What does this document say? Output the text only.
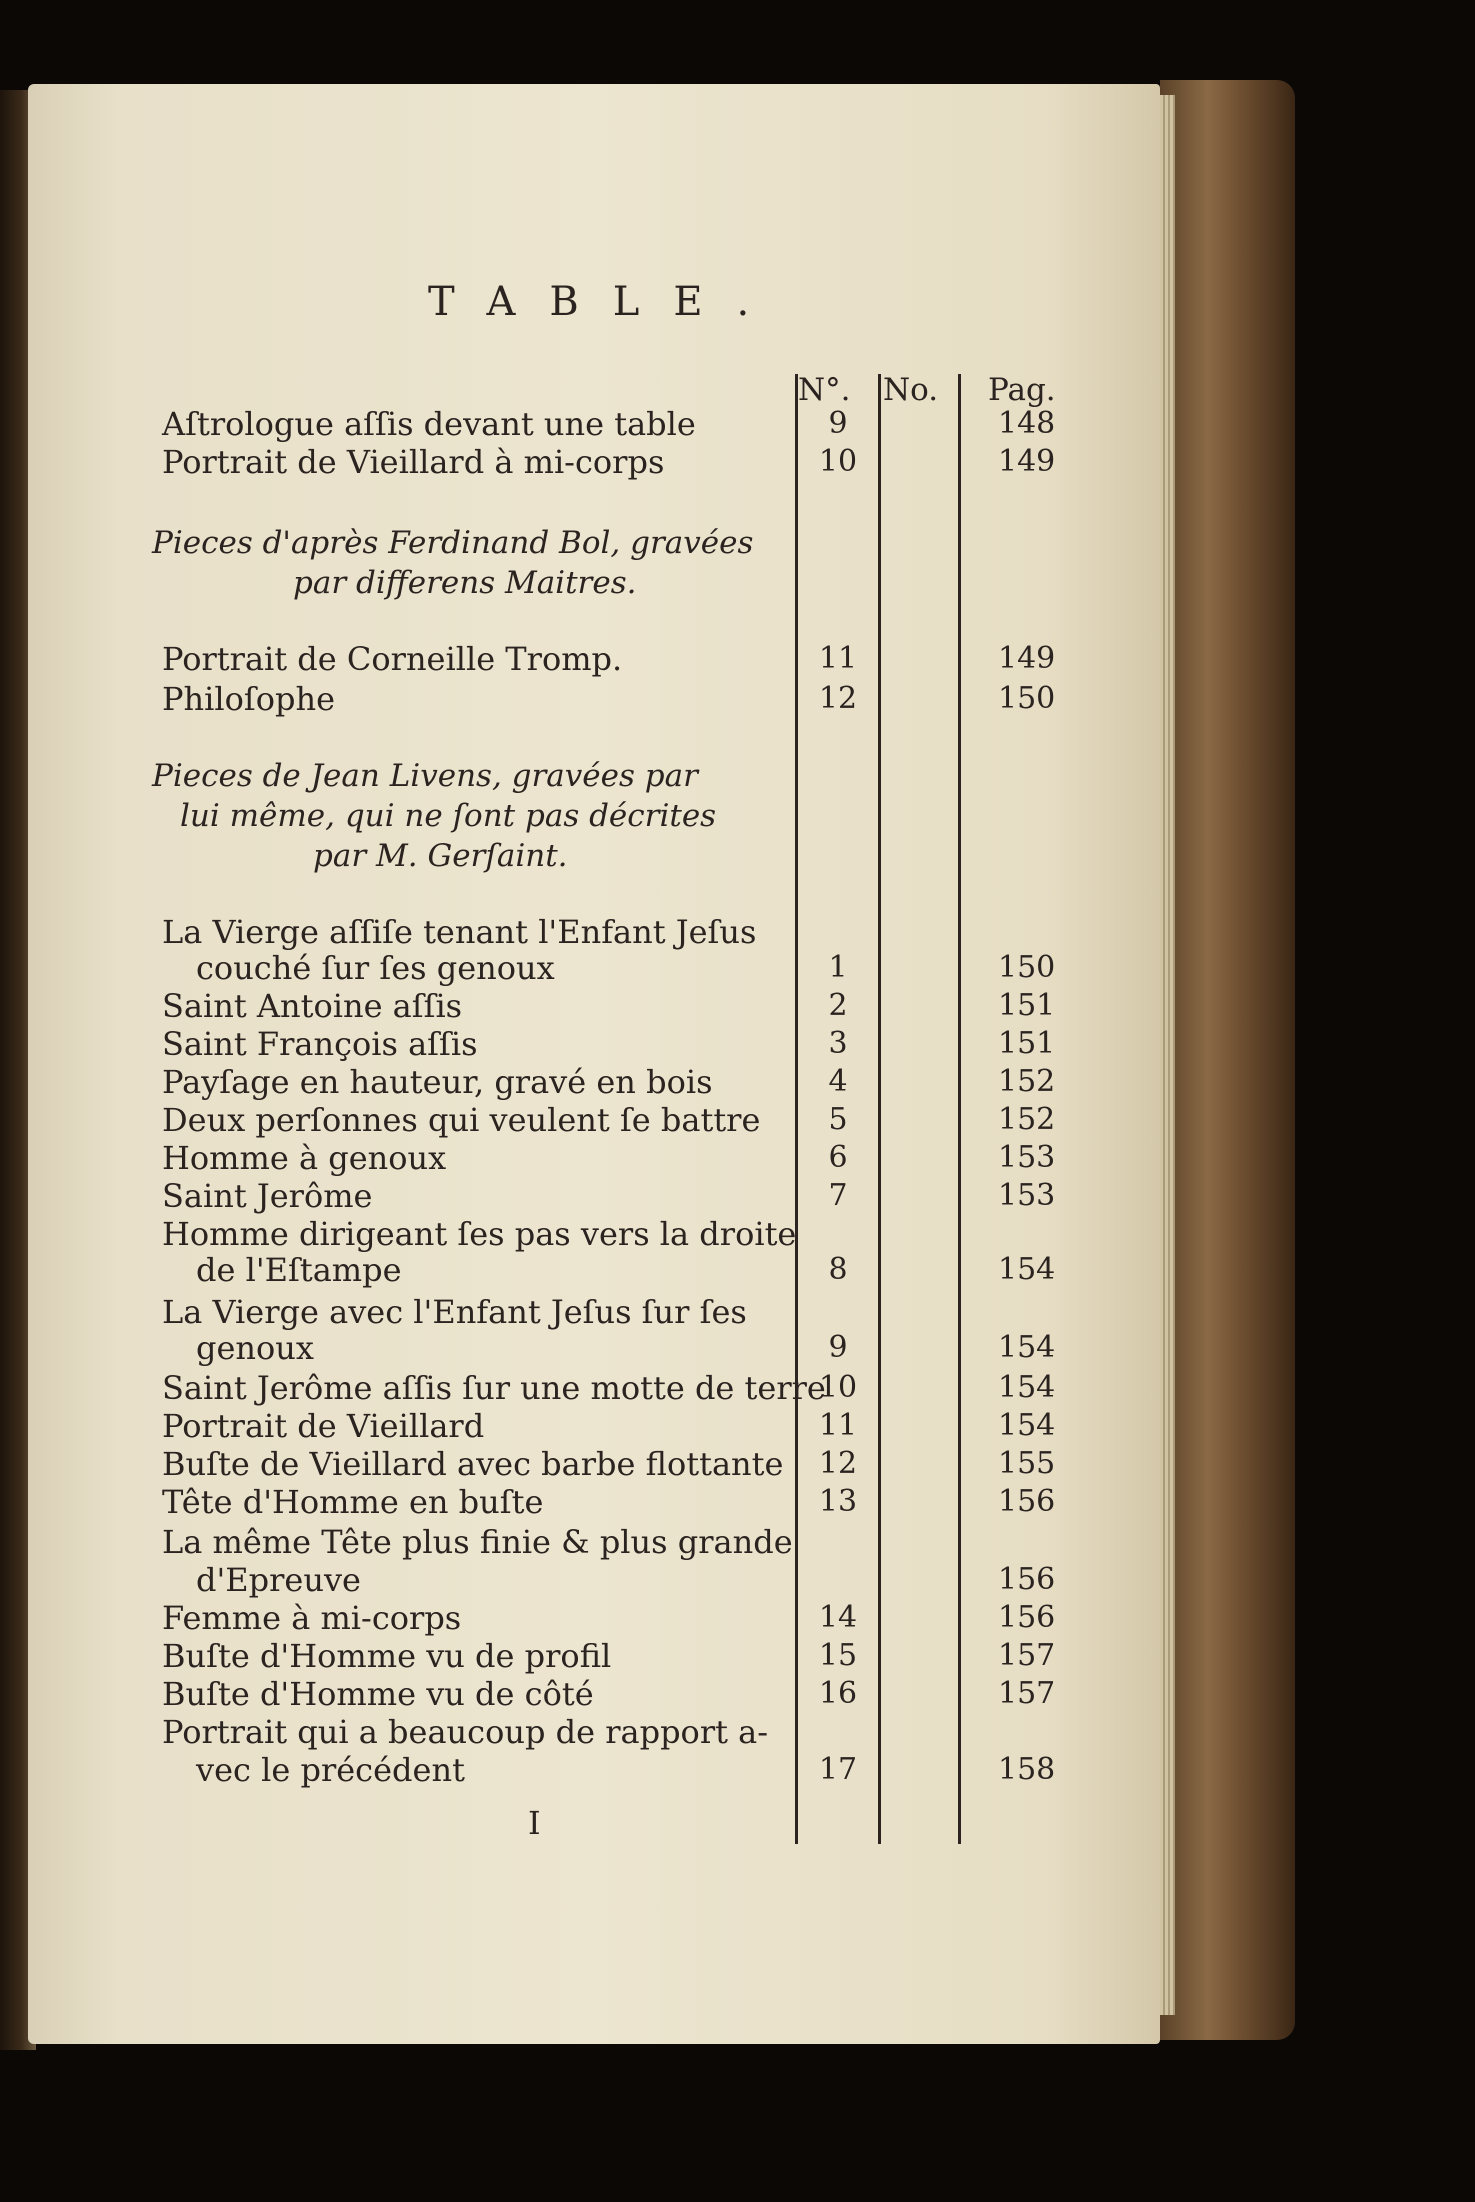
TABLE.
N°. No. Pag.
Aſtrologue aſſis devant une table	9	148
Portrait de Vieillard à mi-corps	10	149
Pieces d'après Ferdinand Bol, gravées
par differens Maitres.
Portrait de Corneille Tromp.	11	149
Philoſophe	12	150
Pieces de Jean Livens, gravées par
lui même, qui ne ſont pas décrites
par M. Gerſaint.
La Vierge aſſiſe tenant l'Enfant Jeſus
couché ſur ſes genoux	1	150
Saint Antoine aſſis	2	151
Saint François aſſis	3	151
Payſage en hauteur, gravé en bois	4	152
Deux perſonnes qui veulent ſe battre	5	152
Homme à genoux	6	153
Saint Jerôme	7	153
Homme dirigeant ſes pas vers la droite
de l'Eſtampe	8	154
La Vierge avec l'Enfant Jeſus ſur ſes
genoux	9	154
Saint Jerôme aſſis ſur une motte de terre
10	154
Portrait de Vieillard	11	154
Buſte de Vieillard avec barbe flottante	12	155
Tête d'Homme en buſte	13	156
La même Tête plus finie & plus grande
d'Epreuve	156
Femme à mi-corps	14	156
Buſte d'Homme vu de profil	15	157
Buſte d'Homme vu de côté	16	157
Portrait qui a beaucoup de rapport a-
vec le précédent	17	158
I
